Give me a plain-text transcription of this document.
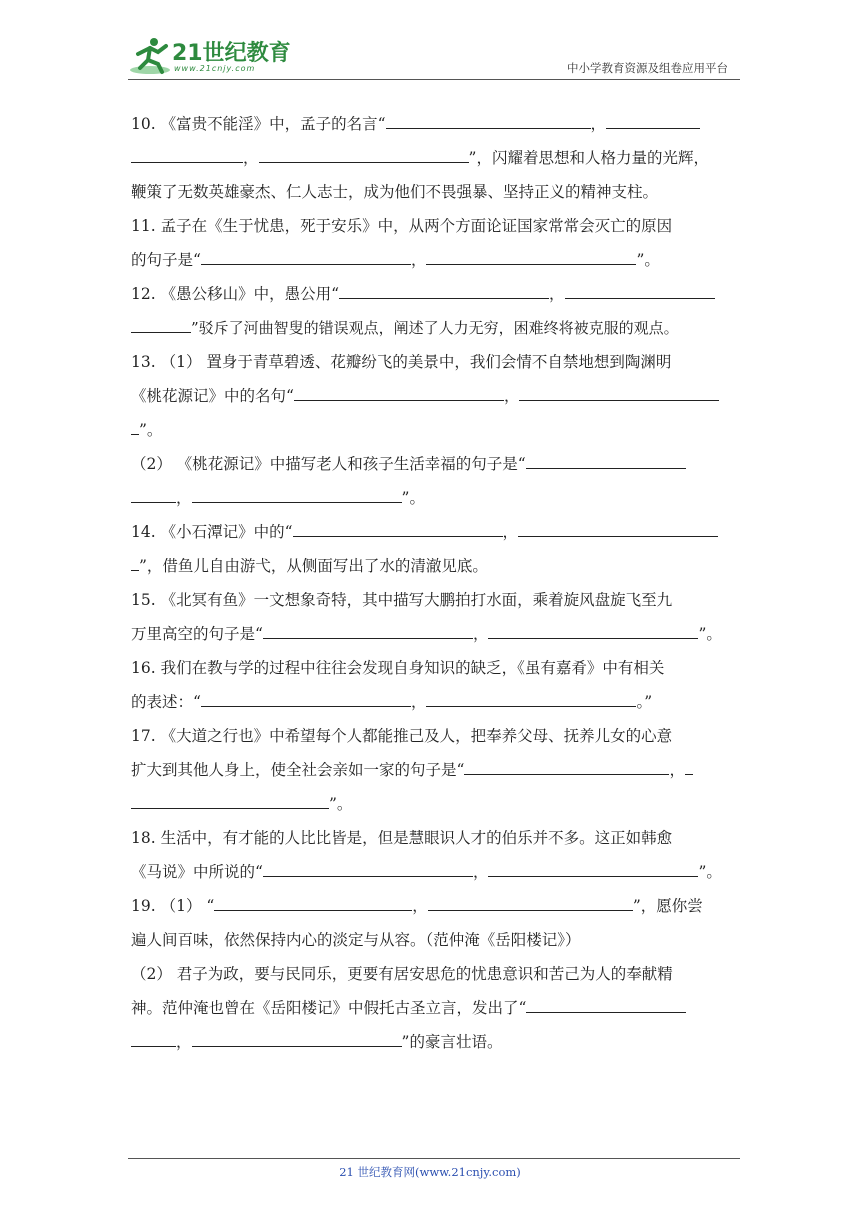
21世纪教育
www.21cnjy.com	中小学教育资源及组卷应用平台
10. 《富贵不能淫》中，孟子的名言“	，
，	”，闪耀着思想和人格力量的光辉，
鞭策了无数英雄豪杰、仁人志士，成为他们不畏强暴、坚持正义的精神支柱。
11. 孟子在《生于忧患，死于安乐》中，从两个方面论证国家常常会灭亡的原因
的句子是“	，	”。
12. 《愚公移山》中，愚公用“	，
”驳斥了河曲智叟的错误观点，阐述了人力无穷，困难终将被克服的观点。
13. （1） 置身于青草碧透、花瓣纷飞的美景中，我们会情不自禁地想到陶渊明
《桃花源记》中的名句“	，
”。
（2） 《桃花源记》中描写老人和孩子生活幸福的句子是“
，	”。
14. 《小石潭记》中的“	，
”，借鱼儿自由游弋，从侧面写出了水的清澈见底。
15. 《北冥有鱼》一文想象奇特，其中描写大鹏拍打水面，乘着旋风盘旋飞至九
万里高空的句子是“	，	”。
16. 我们在教与学的过程中往往会发现自身知识的缺乏，《虽有嘉肴》中有相关
的表述：“	，	。”
17. 《大道之行也》中希望每个人都能推己及人，把奉养父母、抚养儿女的心意
扩大到其他人身上，使全社会亲如一家的句子是“	，
”。
18. 生活中，有才能的人比比皆是，但是慧眼识人才的伯乐并不多。这正如韩愈
《马说》中所说的“	，	”。
19. （1） “	，	”，愿你尝
遍人间百味，依然保持内心的淡定与从容。（范仲淹《岳阳楼记》）
（2） 君子为政，要与民同乐，更要有居安思危的忧患意识和苦己为人的奉献精
神。范仲淹也曾在《岳阳楼记》中假托古圣立言，发出了“
，	”的豪言壮语。
21 世纪教育网(www.21cnjy.com)
